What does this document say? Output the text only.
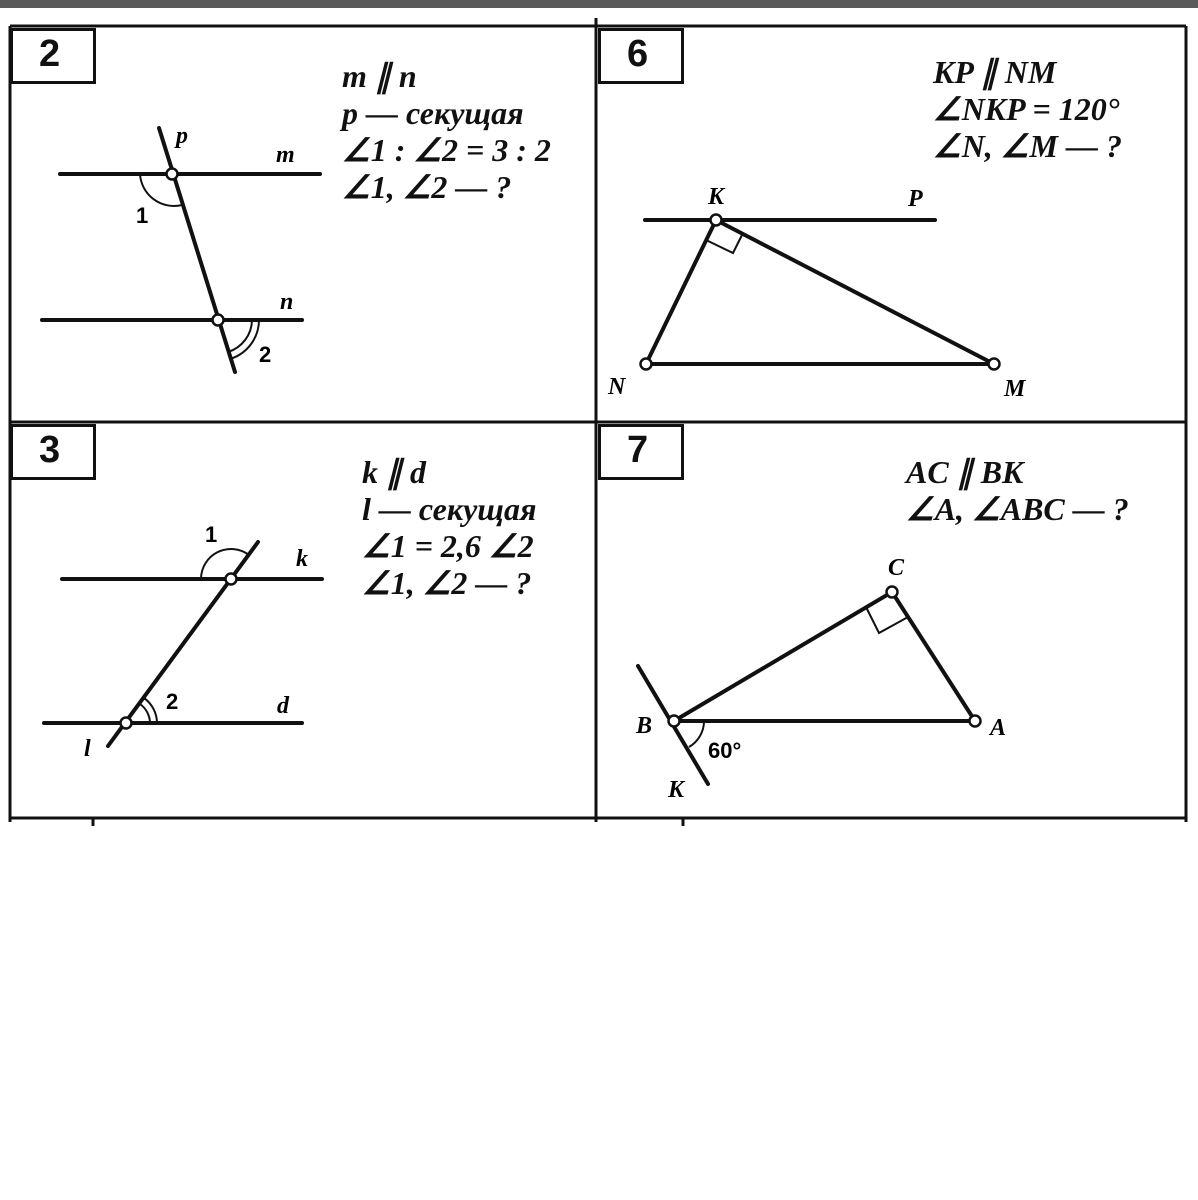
2
m ∥ n
p — секущая
∠1 : ∠2 = 3 : 2
∠1, ∠2 — ?
p
m
n
1
2
6	KP ∥ NM
∠NKP = 120°
∠N, ∠M — ?
K	P
N	M
3
k ∥ d
l — секущая
∠1 = 2,6 ∠2
∠1, ∠2 — ?
1
k
2	d
l
7
AC ∥ BK
∠A, ∠ABC — ?
C
B	A
K
60°
